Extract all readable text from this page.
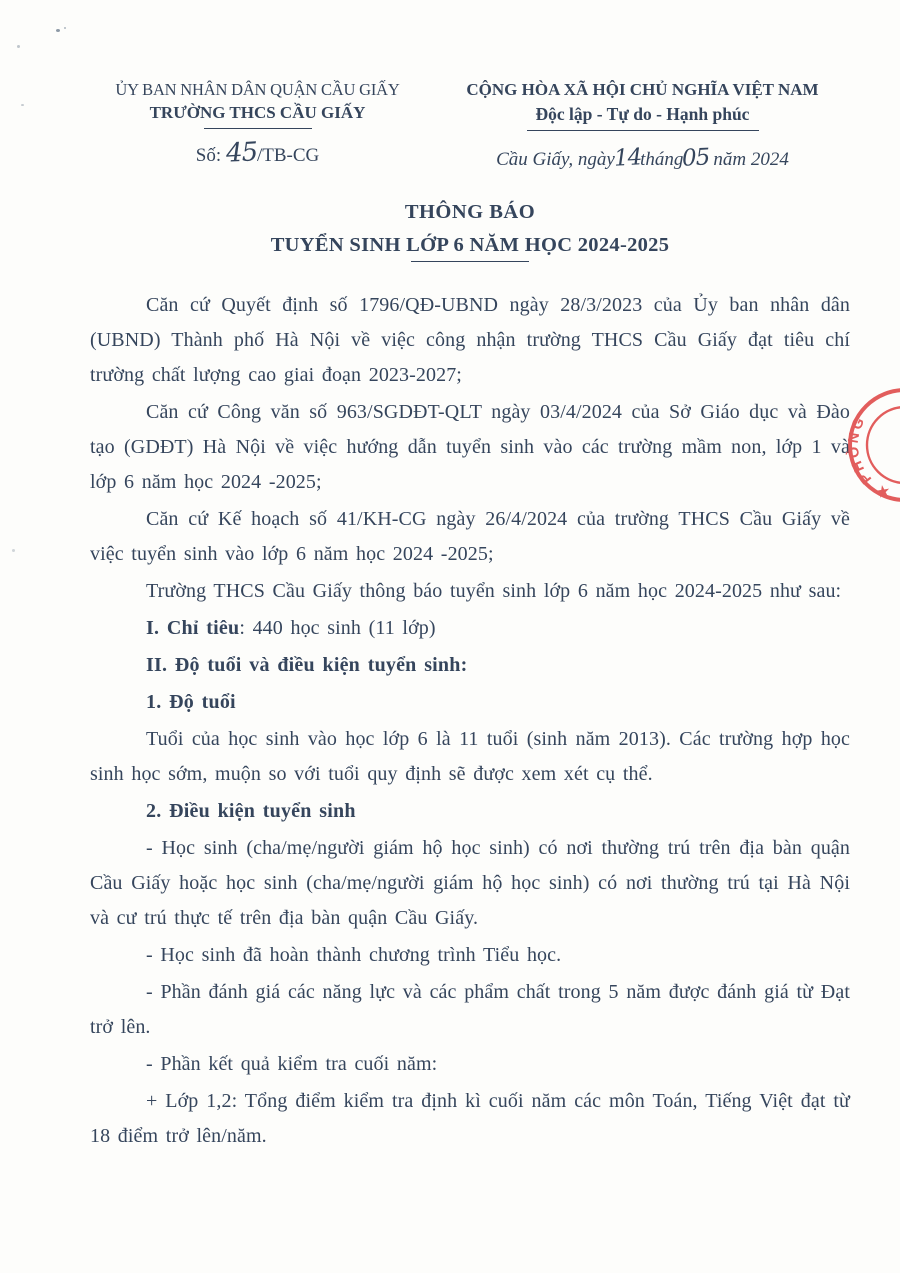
ỦY BAN NHÂN DÂN QUẬN CẦU GIẤY
TRƯỜNG THCS CẦU GIẤY
Số: 45/TB-CG
CỘNG HÒA XÃ HỘI CHỦ NGHĨA VIỆT NAM
Độc lập - Tự do - Hạnh phúc
Cầu Giấy, ngày14tháng05 năm 2024
THÔNG BÁO
TUYỂN SINH LỚP 6 NĂM HỌC 2024-2025

Căn cứ Quyết định số 1796/QĐ-UBND ngày 28/3/2023 của Ủy ban nhân dân (UBND) Thành phố Hà Nội về việc công nhận trường THCS Cầu Giấy đạt tiêu chí trường chất lượng cao giai đoạn 2023-2027;

Căn cứ Công văn số 963/SGDĐT-QLT ngày 03/4/2024 của Sở Giáo dục và Đào tạo (GDĐT) Hà Nội về việc hướng dẫn tuyển sinh vào các trường mầm non, lớp 1 và lớp 6 năm học 2024 -2025;

Căn cứ Kế hoạch số 41/KH-CG ngày 26/4/2024 của trường THCS Cầu Giấy về việc tuyển sinh vào lớp 6 năm học 2024 -2025;

Trường THCS Cầu Giấy thông báo tuyển sinh lớp 6 năm học 2024-2025 như sau:

I. Chỉ tiêu: 440 học sinh (11 lớp)

II. Độ tuổi và điều kiện tuyển sinh:

1. Độ tuổi

Tuổi của học sinh vào học lớp 6 là 11 tuổi (sinh năm 2013). Các trường hợp học sinh học sớm, muộn so với tuổi quy định sẽ được xem xét cụ thể.

2. Điều kiện tuyển sinh

- Học sinh (cha/mẹ/người giám hộ học sinh) có nơi thường trú trên địa bàn quận Cầu Giấy hoặc học sinh (cha/mẹ/người giám hộ học sinh) có nơi thường trú tại Hà Nội và cư trú thực tế trên địa bàn quận Cầu Giấy.

- Học sinh đã hoàn thành chương trình Tiểu học.

- Phần đánh giá các năng lực và các phẩm chất trong 5 năm được đánh giá từ Đạt trở lên.

- Phần kết quả kiểm tra cuối năm:

+ Lớp 1,2: Tổng điểm kiểm tra định kì cuối năm các môn Toán, Tiếng Việt đạt từ 18 điểm trở lên/năm.

★ PHÒNG
